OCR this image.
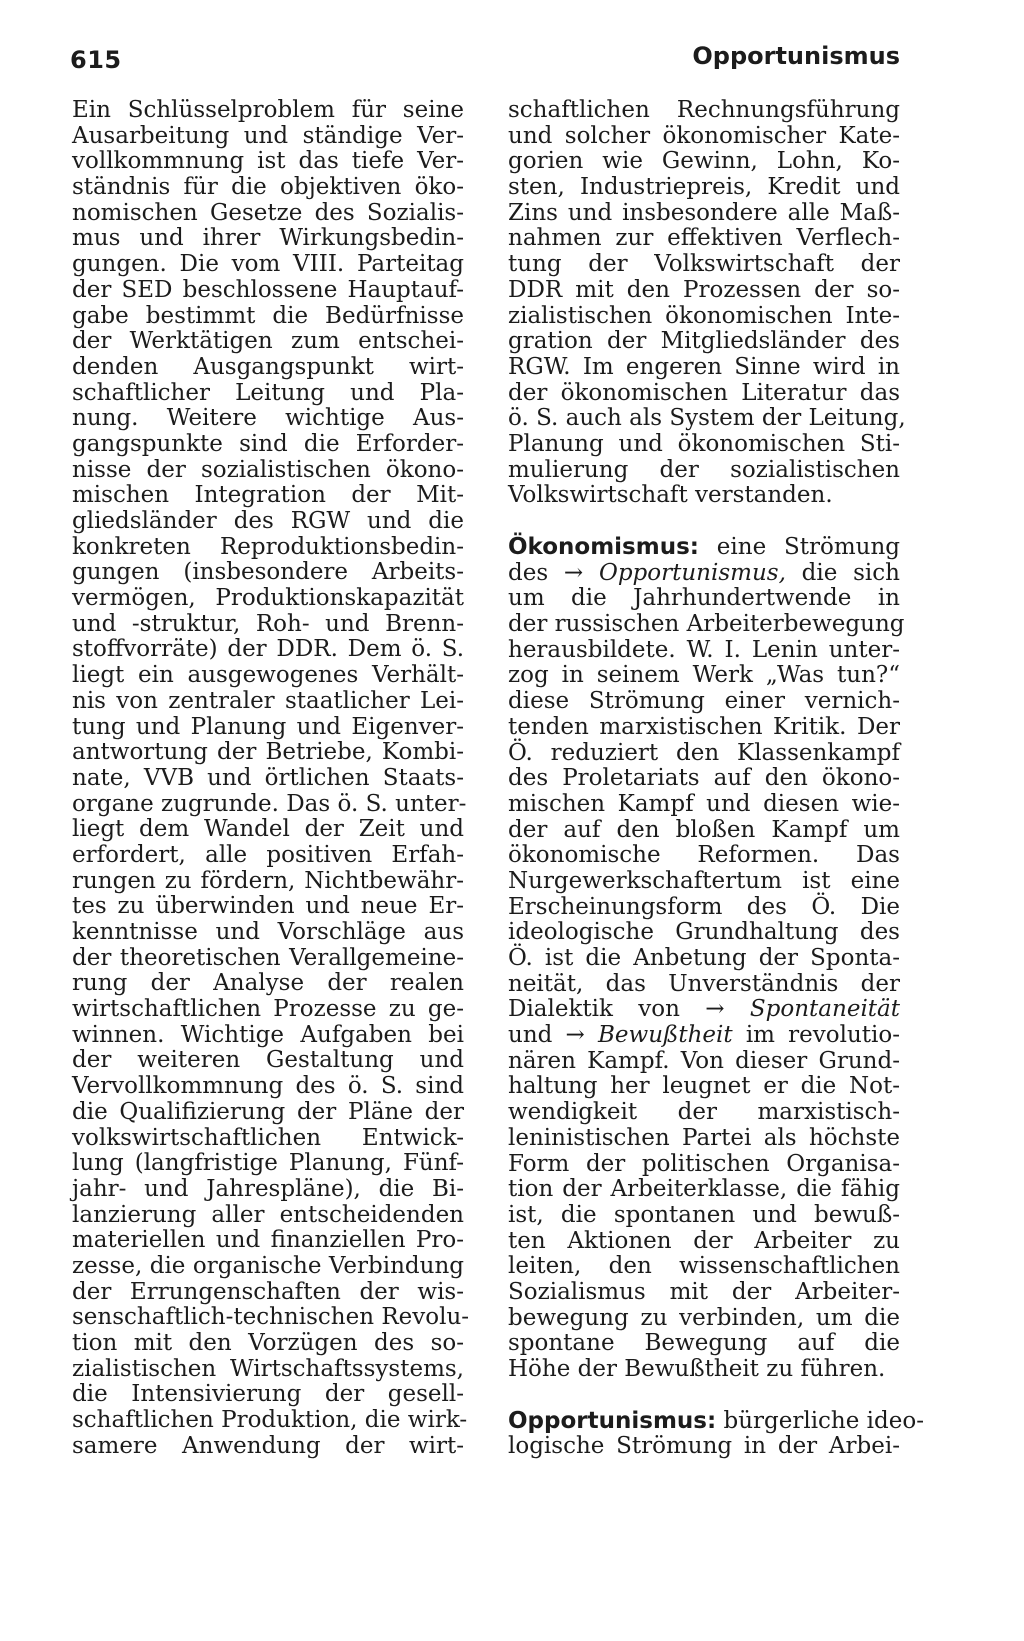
615	Opportunismus
Ein Schlüsselproblem für seine
Ausarbeitung und ständige Ver-
vollkommnung ist das tiefe Ver-
ständnis für die objektiven öko-
nomischen Gesetze des Sozialis-
mus und ihrer Wirkungsbedin-
gungen. Die vom VIII. Parteitag
der SED beschlossene Hauptauf-
gabe bestimmt die Bedürfnisse
der Werktätigen zum entschei-
denden Ausgangspunkt wirt-
schaftlicher Leitung und Pla-
nung. Weitere wichtige Aus-
gangspunkte sind die Erforder-
nisse der sozialistischen ökono-
mischen Integration der Mit-
gliedsländer des RGW und die
konkreten Reproduktionsbedin-
gungen (insbesondere Arbeits-
vermögen, Produktionskapazität
und -struktur, Roh- und Brenn-
stoffvorräte) der DDR. Dem ö. S.
liegt ein ausgewogenes Verhält-
nis von zentraler staatlicher Lei-
tung und Planung und Eigenver-
antwortung der Betriebe, Kombi-
nate, VVB und örtlichen Staats-
organe zugrunde. Das ö. S. unter-
liegt dem Wandel der Zeit und
erfordert, alle positiven Erfah-
rungen zu fördern, Nichtbewähr-
tes zu überwinden und neue Er-
kenntnisse und Vorschläge aus
der theoretischen Verallgemeine-
rung der Analyse der realen
wirtschaftlichen Prozesse zu ge-
winnen. Wichtige Aufgaben bei
der weiteren Gestaltung und
Vervollkommnung des ö. S. sind
die Qualifizierung der Pläne der
volkswirtschaftlichen Entwick-
lung (langfristige Planung, Fünf-
jahr- und Jahrespläne), die Bi-
lanzierung aller entscheidenden
materiellen und finanziellen Pro-
zesse, die organische Verbindung
der Errungenschaften der wis-
senschaftlich-technischen Revolu-
tion mit den Vorzügen des so-
zialistischen Wirtschaftssystems,
die Intensivierung der gesell-
schaftlichen Produktion, die wirk-
samere Anwendung der wirt-
schaftlichen Rechnungsführung
und solcher ökonomischer Kate-
gorien wie Gewinn, Lohn, Ko-
sten, Industriepreis, Kredit und
Zins und insbesondere alle Maß-
nahmen zur effektiven Verflech-
tung der Volkswirtschaft der
DDR mit den Prozessen der so-
zialistischen ökonomischen Inte-
gration der Mitgliedsländer des
RGW. Im engeren Sinne wird in
der ökonomischen Literatur das
ö. S. auch als System der Leitung,
Planung und ökonomischen Sti-
mulierung der sozialistischen
Volkswirtschaft verstanden.
Ökonomismus: eine Strömung
des → Opportunismus, die sich
um die Jahrhundertwende in
der russischen Arbeiterbewegung
herausbildete. W. I. Lenin unter-
zog in seinem Werk „Was tun?“
diese Strömung einer vernich-
tenden marxistischen Kritik. Der
Ö. reduziert den Klassenkampf
des Proletariats auf den ökono-
mischen Kampf und diesen wie-
der auf den bloßen Kampf um
ökonomische Reformen. Das
Nurgewerkschaftertum ist eine
Erscheinungsform des Ö. Die
ideologische Grundhaltung des
Ö. ist die Anbetung der Sponta-
neität, das Unverständnis der
Dialektik von → Spontaneität
und → Bewußtheit im revolutio-
nären Kampf. Von dieser Grund-
haltung her leugnet er die Not-
wendigkeit der marxistisch-
leninistischen Partei als höchste
Form der politischen Organisa-
tion der Arbeiterklasse, die fähig
ist, die spontanen und bewuß-
ten Aktionen der Arbeiter zu
leiten, den wissenschaftlichen
Sozialismus mit der Arbeiter-
bewegung zu verbinden, um die
spontane Bewegung auf die
Höhe der Bewußtheit zu führen.
Opportunismus: bürgerliche ideo-
logische Strömung in der Arbei-
